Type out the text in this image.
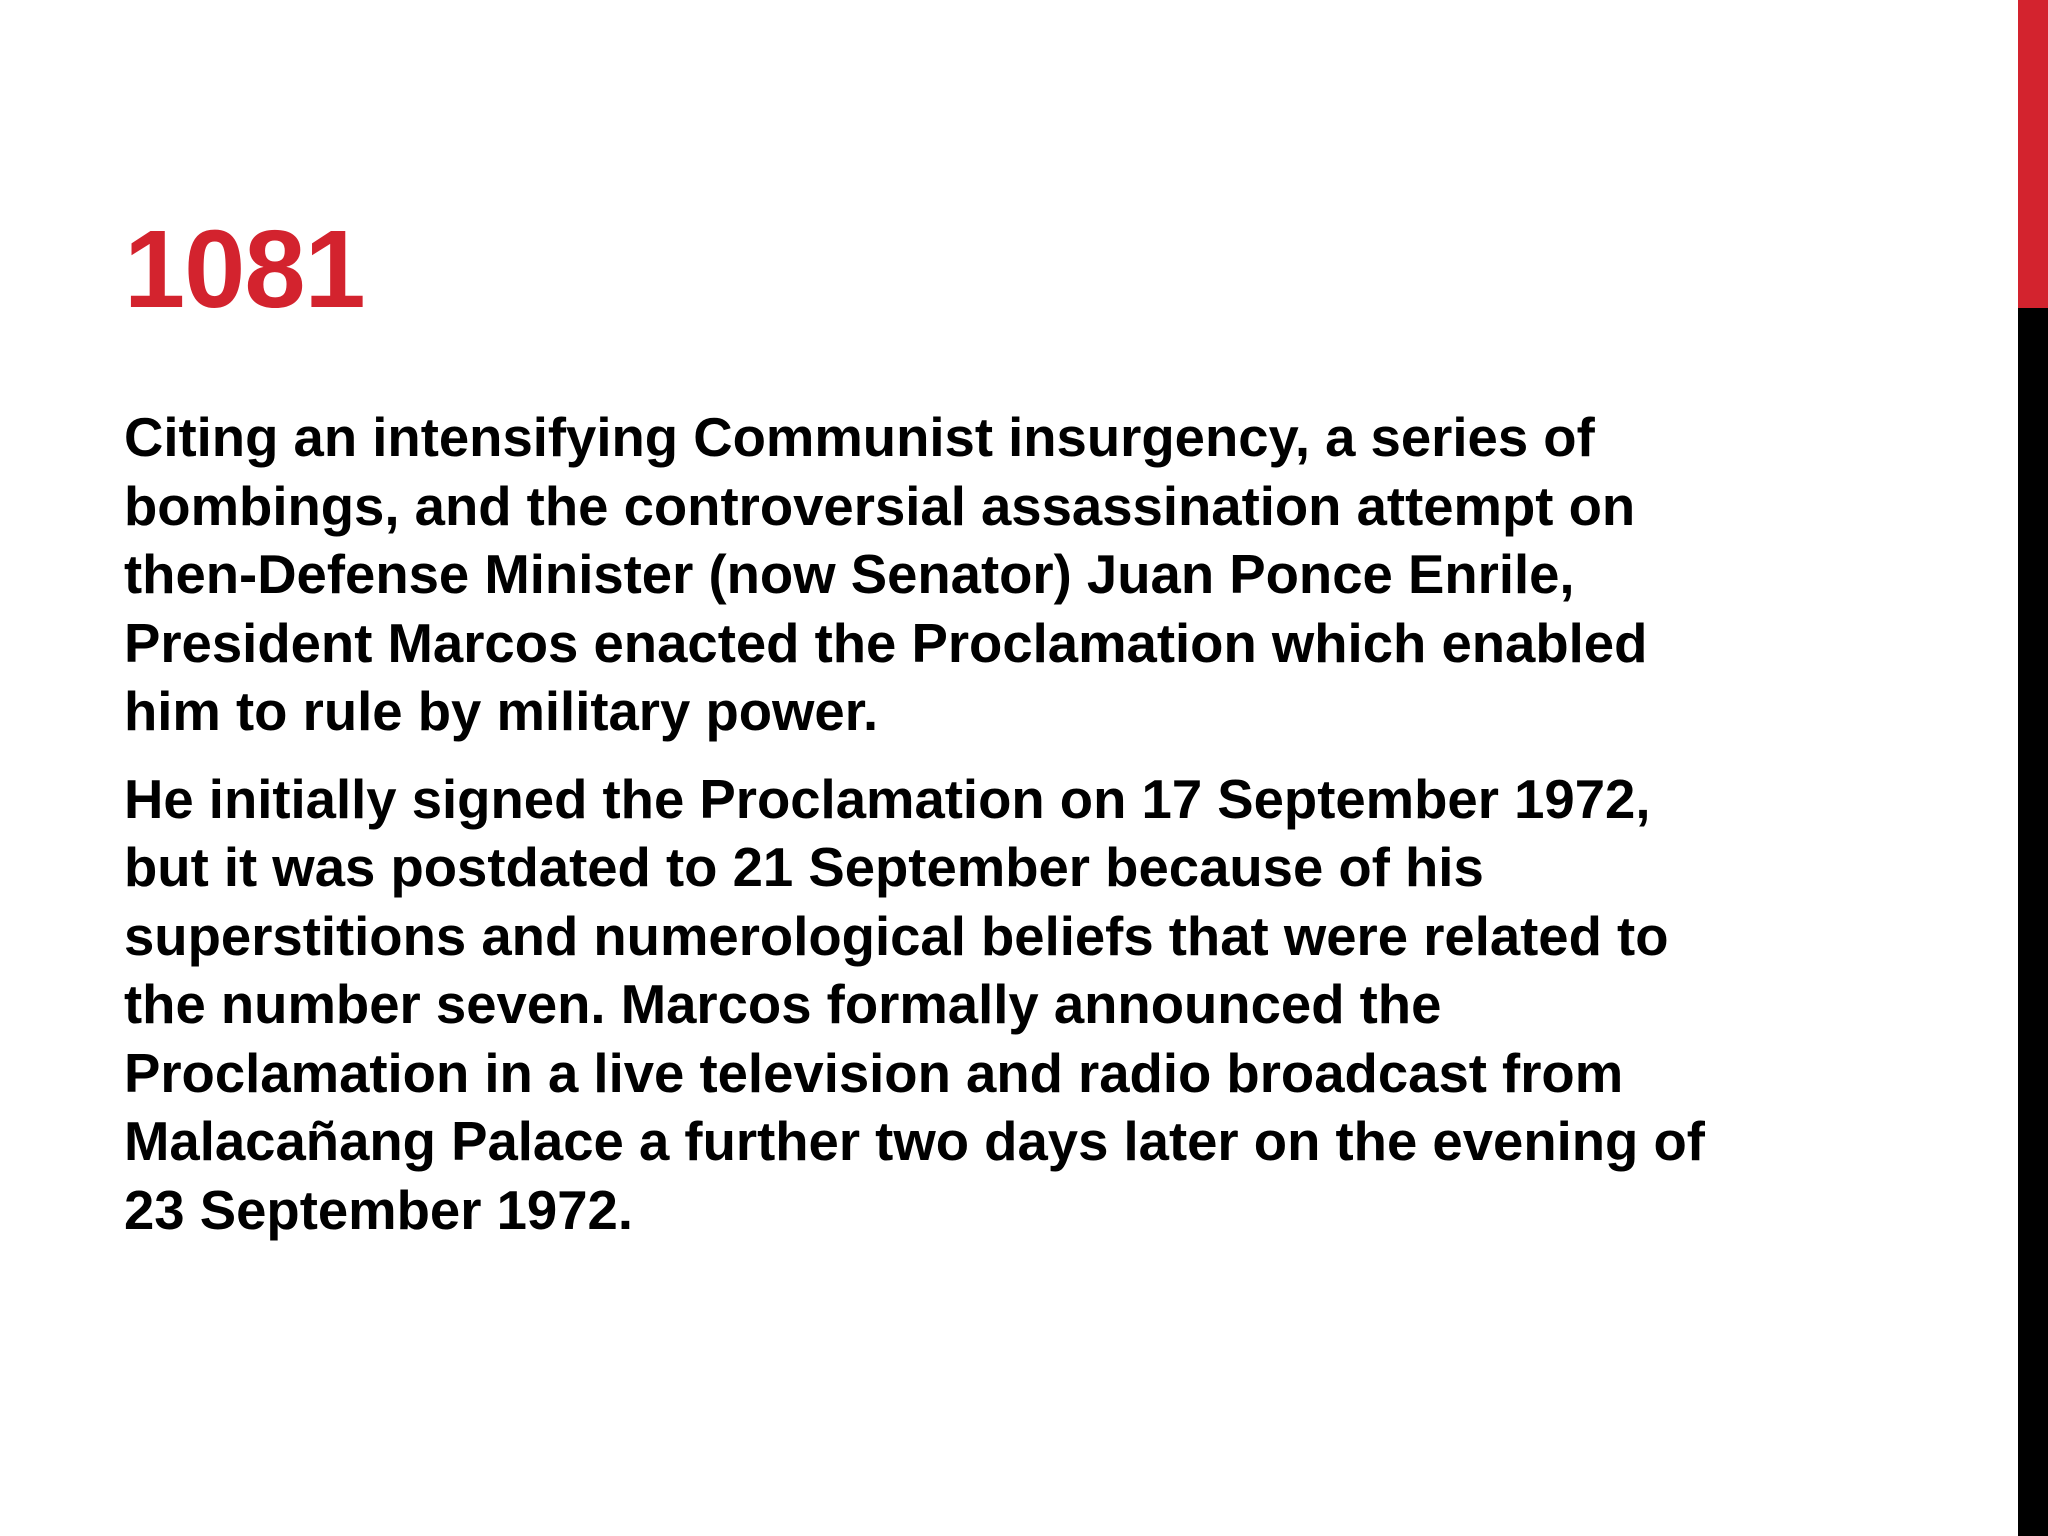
1081

Citing an intensifying Communist insurgency, a series of
bombings, and the controversial assassination attempt on
then-Defense Minister (now Senator) Juan Ponce Enrile,
President Marcos enacted the Proclamation which enabled
him to rule by military power.

He initially signed the Proclamation on 17 September 1972,
but it was postdated to 21 September because of his
superstitions and numerological beliefs that were related to
the number seven. Marcos formally announced the
Proclamation in a live television and radio broadcast from
Malacañang Palace a further two days later on the evening of
23 September 1972.
